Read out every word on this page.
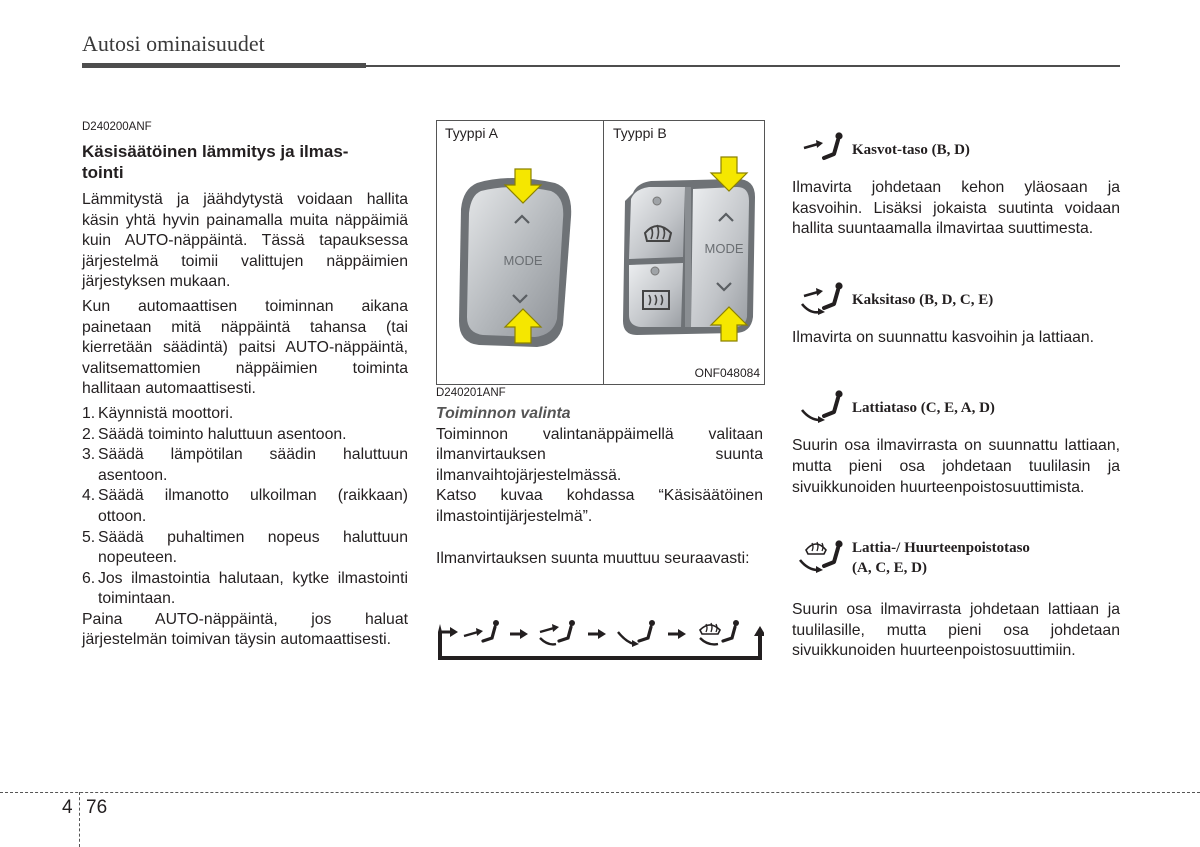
Autosi ominaisuudet
D240200ANF
Käsisäätöinen lämmitys ja ilmas-
tointi

Lämmitystä ja jäähdytystä voidaan hallita käsin yhtä hyvin painamalla muita näppäimiä kuin AUTO-näppäintä. Tässä tapauksessa järjestelmä toimii valittujen näppäimien järjestyksen mukaan.

Kun automaattisen toiminnan aikana painetaan mitä näppäintä tahansa (tai kierretään säädintä) paitsi AUTO-näppäintä, valitsemattomien näppäimien toiminta hallitaan automaattisesti.

1. Käynnistä moottori.
2. Säädä toiminto haluttuun asentoon.
3. Säädä lämpötilan säädin haluttuun asentoon.
4. Säädä ilmanotto ulkoilman (raikkaan) ottoon.
5. Säädä puhaltimen nopeus haluttuun nopeuteen.
6. Jos ilmastointia halutaan, kytke ilmastointi toimintaan.

Paina AUTO-näppäintä, jos haluat järjestelmän toimivan täysin automaattisesti.

Tyyppi A	Tyyppi B
MODE
MODE
ONF048084
D240201ANF

Toiminnon valinta

Toiminnon valintanäppäimellä valitaan ilmanvirtauksen suunta ilmanvaihtojärjestelmässä.

Katso kuvaa kohdassa “Käsisäätöinen ilmastointijärjestelmä”.

Ilmanvirtauksen suunta muuttuu seuraavasti:

Kasvot-taso (B, D)

Ilmavirta johdetaan kehon yläosaan ja kasvoihin. Lisäksi jokaista suutinta voidaan hallita suuntaamalla ilmavirtaa suuttimesta.

Kaksitaso (B, D, C, E)

Ilmavirta on suunnattu kasvoihin ja lattiaan.

Lattiataso (C, E, A, D)

Suurin osa ilmavirrasta on suunnattu lattiaan, mutta pieni osa johdetaan tuulilasin ja sivuikkunoiden huurteenpoistosuuttimista.

Lattia-/ Huurteenpoistotaso
(A, C, E, D)

Suurin osa ilmavirrasta johdetaan lattiaan ja tuulilasille, mutta pieni osa johdetaan sivuikkunoiden huurteenpoistosuuttimiin.

4 76
